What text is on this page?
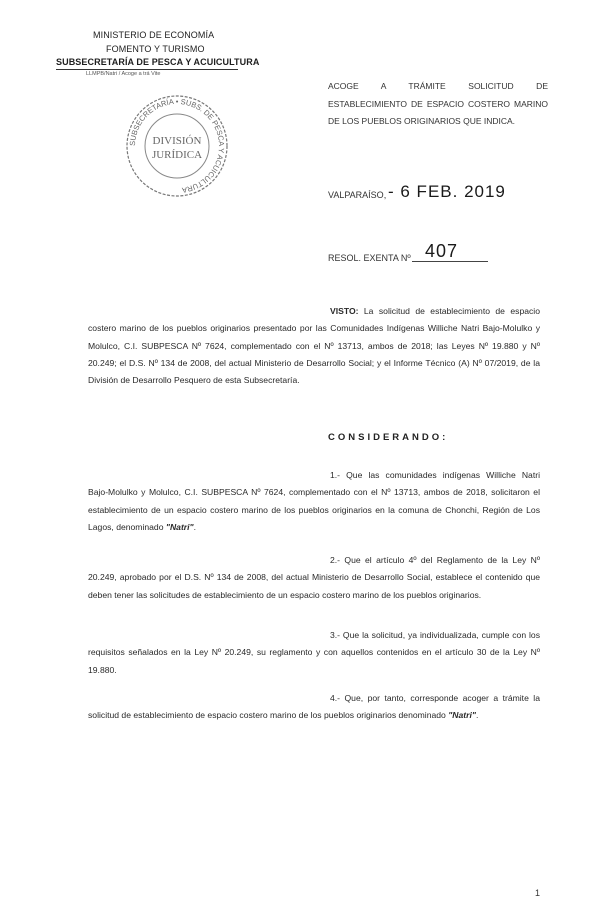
MINISTERIO DE ECONOMÍA
FOMENTO Y TURISMO
SUBSECRETARÍA DE PESCA Y ACUICULTURA
LLMPB/Natri / Acoge a trá Vite
SUBSECRETARÍA • SUBS. DE PESCA Y ACUICULTURA
DIVISIÓN
JURÍDICA
ACOGE A TRÁMITE SOLICITUD DE ESTABLECIMIENTO DE ESPACIO COSTERO MARINO DE LOS PUEBLOS ORIGINARIOS QUE INDICA.
VALPARAÍSO, - 6 FEB. 2019
RESOL. EXENTA Nº 407
VISTO: La solicitud de establecimiento de espacio costero marino de los pueblos originarios presentado por las Comunidades Indígenas Williche Natri Bajo-Molulko y Molulco, C.I. SUBPESCA Nº 7624, complementado con el Nº 13713, ambos de 2018; las Leyes Nº 19.880 y Nº 20.249; el D.S. Nº 134 de 2008, del actual Ministerio de Desarrollo Social; y el Informe Técnico (A) Nº 07/2019, de la División de Desarrollo Pesquero de esta Subsecretaría.
CONSIDERANDO:
1.- Que las comunidades indígenas Williche Natri Bajo-Molulko y Molulco, C.I. SUBPESCA Nº 7624, complementado con el Nº 13713, ambos de 2018, solicitaron el establecimiento de un espacio costero marino de los pueblos originarios en la comuna de Chonchi, Región de Los Lagos, denominado "Natri".
2.- Que el artículo 4º del Reglamento de la Ley Nº 20.249, aprobado por el D.S. Nº 134 de 2008, del actual Ministerio de Desarrollo Social, establece el contenido que deben tener las solicitudes de establecimiento de un espacio costero marino de los pueblos originarios.
3.- Que la solicitud, ya individualizada, cumple con los requisitos señalados en la Ley Nº 20.249, su reglamento y con aquellos contenidos en el artículo 30 de la Ley Nº 19.880.
4.- Que, por tanto, corresponde acoger a trámite la solicitud de establecimiento de espacio costero marino de los pueblos originarios denominado "Natri".
1
